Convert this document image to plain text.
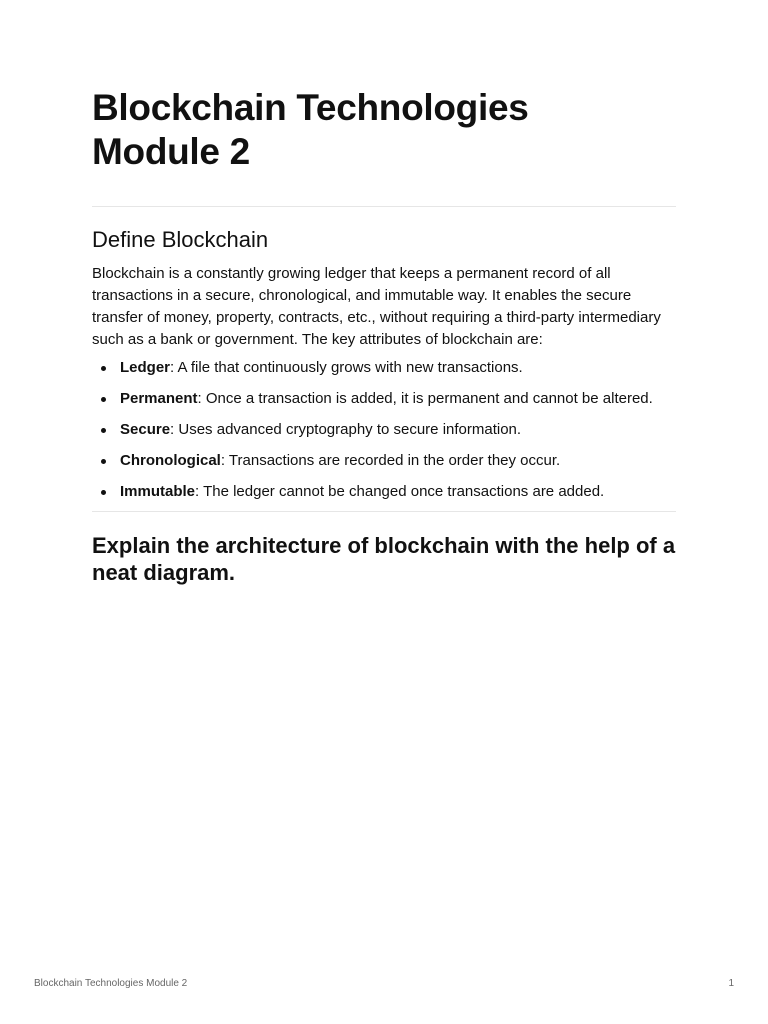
Blockchain Technologies
Module 2
Define Blockchain

Blockchain is a constantly growing ledger that keeps a permanent record of all transactions in a secure, chronological, and immutable way. It enables the secure transfer of money, property, contracts, etc., without requiring a third-party intermediary such as a bank or government. The key attributes of blockchain are:

Ledger: A file that continuously grows with new transactions.
Permanent: Once a transaction is added, it is permanent and cannot be altered.
Secure: Uses advanced cryptography to secure information.
Chronological: Transactions are recorded in the order they occur.
Immutable: The ledger cannot be changed once transactions are added.
Explain the architecture of blockchain with the help of a neat diagram.
Blockchain Technologies Module 2	1
